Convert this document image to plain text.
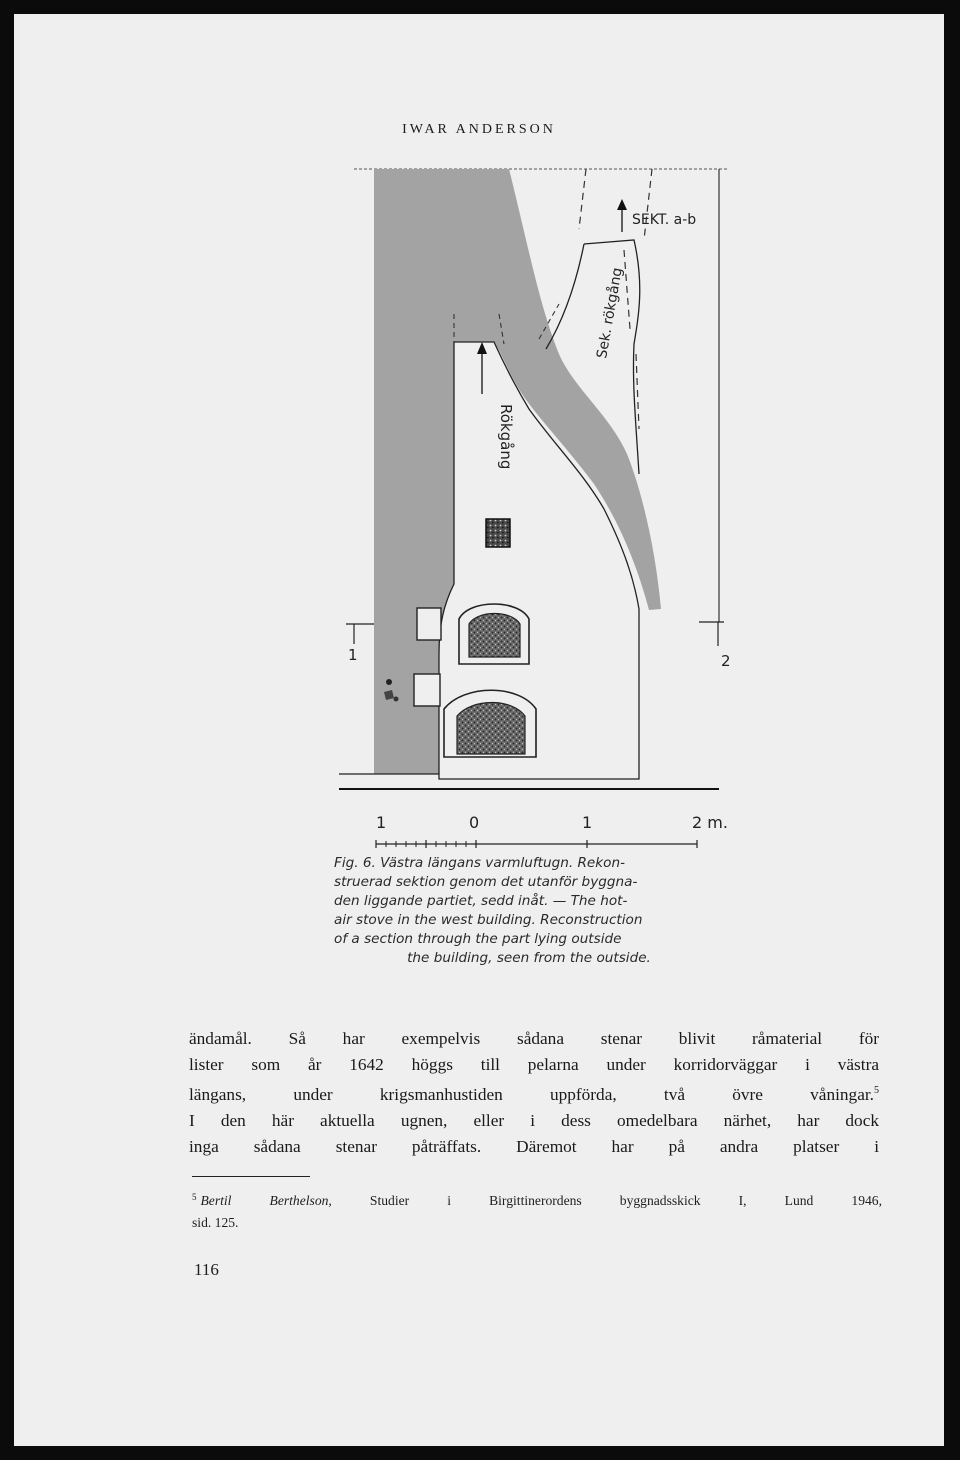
IWAR ANDERSON
SEKT. a-b
Sek. rökgång
Rökgång
1	2
1	0	1	2 m.
Fig. 6. Västra längans varmluftugn. Rekon-
struerad sektion genom det utanför byggna-
den liggande partiet, sedd inåt. — The hot-
air stove in the west building. Reconstruction
of a section through the part lying outside
the building, seen from the outside.
ändamål. Så har exempelvis sådana stenar blivit råmaterial för
lister som år 1642 höggs till pelarna under korridorväggar i västra
längans, under krigsmanhustiden uppförda, två övre våningar.$^5$
I den här aktuella ugnen, eller i dess omedelbara närhet, har dock
inga sådana stenar påträffats. Däremot har på andra platser i
$^5$ Bertil Berthelson,	Studier i Birgittinerordens byggnadsskick I, Lund 1946,
sid. 125.
116
